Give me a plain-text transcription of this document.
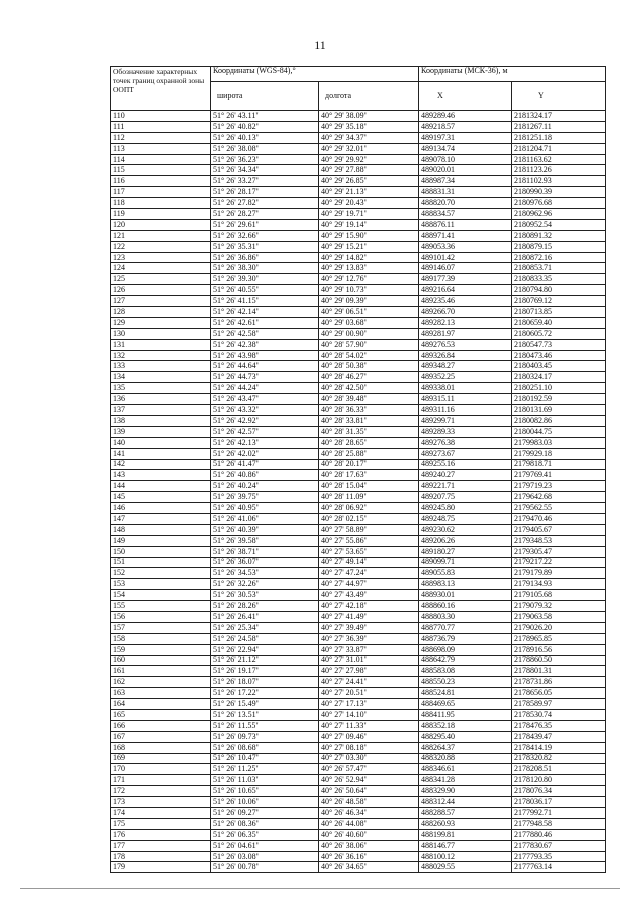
11
Обозначение характерных точек границ охранной зоны ООПТ	Координаты (WGS-84),°		Координаты (МСК-36), м	
	широта	долгота	X	Y
110	51° 26' 43.11"	40° 29' 38.09"	489289.46	2181324.17
111	51° 26' 40.82"	40° 29' 35.18"	489218.57	2181267.11
112	51° 26' 40.13"	40° 29' 34.37"	489197.31	2181251.18
113	51° 26' 38.08"	40° 29' 32.01"	489134.74	2181204.71
114	51° 26' 36.23"	40° 29' 29.92"	489078.10	2181163.62
115	51° 26' 34.34"	40° 29' 27.88"	489020.01	2181123.26
116	51° 26' 33.27"	40° 29' 26.85"	488987.34	2181102.93
117	51° 26' 28.17"	40° 29' 21.13"	488831.31	2180990.39
118	51° 26' 27.82"	40° 29' 20.43"	488820.70	2180976.68
119	51° 26' 28.27"	40° 29' 19.71"	488834.57	2180962.96
120	51° 26' 29.61"	40° 29' 19.14"	488876.11	2180952.54
121	51° 26' 32.66"	40° 29' 15.90"	488971.41	2180891.32
122	51° 26' 35.31"	40° 29' 15.21"	489053.36	2180879.15
123	51° 26' 36.86"	40° 29' 14.82"	489101.42	2180872.16
124	51° 26' 38.30"	40° 29' 13.83"	489146.07	2180853.71
125	51° 26' 39.30"	40° 29' 12.76"	489177.39	2180833.35
126	51° 26' 40.55"	40° 29' 10.73"	489216.64	2180794.80
127	51° 26' 41.15"	40° 29' 09.39"	489235.46	2180769.12
128	51° 26' 42.14"	40° 29' 06.51"	489266.70	2180713.85
129	51° 26' 42.61"	40° 29' 03.68"	489282.13	2180659.40
130	51° 26' 42.58"	40° 29' 00.90"	489281.97	2180605.72
131	51° 26' 42.38"	40° 28' 57.90"	489276.53	2180547.73
132	51° 26' 43.98"	40° 28' 54.02"	489326.84	2180473.46
133	51° 26' 44.64"	40° 28' 50.38"	489348.27	2180403.45
134	51° 26' 44.73"	40° 28' 46.27"	489352.25	2180324.17
135	51° 26' 44.24"	40° 28' 42.50"	489338.01	2180251.10
136	51° 26' 43.47"	40° 28' 39.48"	489315.11	2180192.59
137	51° 26' 43.32"	40° 28' 36.33"	489311.16	2180131.69
138	51° 26' 42.92"	40° 28' 33.81"	489299.71	2180082.86
139	51° 26' 42.57"	40° 28' 31.35"	489289.33	2180044.75
140	51° 26' 42.13"	40° 28' 28.65"	489276.38	2179983.03
141	51° 26' 42.02"	40° 28' 25.88"	489273.67	2179929.18
142	51° 26' 41.47"	40° 28' 20.17"	489255.16	2179818.71
143	51° 26' 40.86"	40° 28' 17.63"	489240.27	2179769.41
144	51° 26' 40.24"	40° 28' 15.04"	489221.71	2179719.23
145	51° 26' 39.75"	40° 28' 11.09"	489207.75	2179642.68
146	51° 26' 40.95"	40° 28' 06.92"	489245.80	2179562.55
147	51° 26' 41.06"	40° 28' 02.15"	489248.75	2179470.46
148	51° 26' 40.39"	40° 27' 58.89"	489230.62	2179405.67
149	51° 26' 39.58"	40° 27' 55.86"	489206.26	2179348.53
150	51° 26' 38.71"	40° 27' 53.65"	489180.27	2179305.47
151	51° 26' 36.07"	40° 27' 49.14"	489099.71	2179217.22
152	51° 26' 34.53"	40° 27' 47.24"	489055.83	2179179.89
153	51° 26' 32.26"	40° 27' 44.97"	488983.13	2179134.93
154	51° 26' 30.53"	40° 27' 43.49"	488930.01	2179105.68
155	51° 26' 28.26"	40° 27' 42.18"	488860.16	2179079.32
156	51° 26' 26.41"	40° 27' 41.49"	488803.30	2179063.58
157	51° 26' 25.34"	40° 27' 39.49"	488770.77	2179026.20
158	51° 26' 24.58"	40° 27' 36.39"	488736.79	2178965.85
159	51° 26' 22.94"	40° 27' 33.87"	488698.09	2178916.56
160	51° 26' 21.12"	40° 27' 31.01"	488642.79	2178860.50
161	51° 26' 19.17"	40° 27' 27.98"	488583.08	2178801.31
162	51° 26' 18.07"	40° 27' 24.41"	488550.23	2178731.86
163	51° 26' 17.22"	40° 27' 20.51"	488524.81	2178656.05
164	51° 26' 15.49"	40° 27' 17.13"	488469.65	2178589.97
165	51° 26' 13.51"	40° 27' 14.10"	488411.95	2178530.74
166	51° 26' 11.55"	40° 27' 11.33"	488352.18	2178476.35
167	51° 26' 09.73"	40° 27' 09.46"	488295.40	2178439.47
168	51° 26' 08.68"	40° 27' 08.18"	488264.37	2178414.19
169	51° 26' 10.47"	40° 27' 03.30"	488320.88	2178320.82
170	51° 26' 11.25"	40° 26' 57.47"	488346.61	2178208.51
171	51° 26' 11.03"	40° 26' 52.94"	488341.28	2178120.80
172	51° 26' 10.65"	40° 26' 50.64"	488329.90	2178076.34
173	51° 26' 10.06"	40° 26' 48.58"	488312.44	2178036.17
174	51° 26' 09.27"	40° 26' 46.34"	488288.57	2177992.71
175	51° 26' 08.36"	40° 26' 44.08"	488260.93	2177948.58
176	51° 26' 06.35"	40° 26' 40.60"	488199.81	2177880.46
177	51° 26' 04.61"	40° 26' 38.06"	488146.77	2177830.67
178	51° 26' 03.08"	40° 26' 36.16"	488100.12	2177793.35
179	51° 26' 00.78"	40° 26' 34.65"	488029.55	2177763.14
